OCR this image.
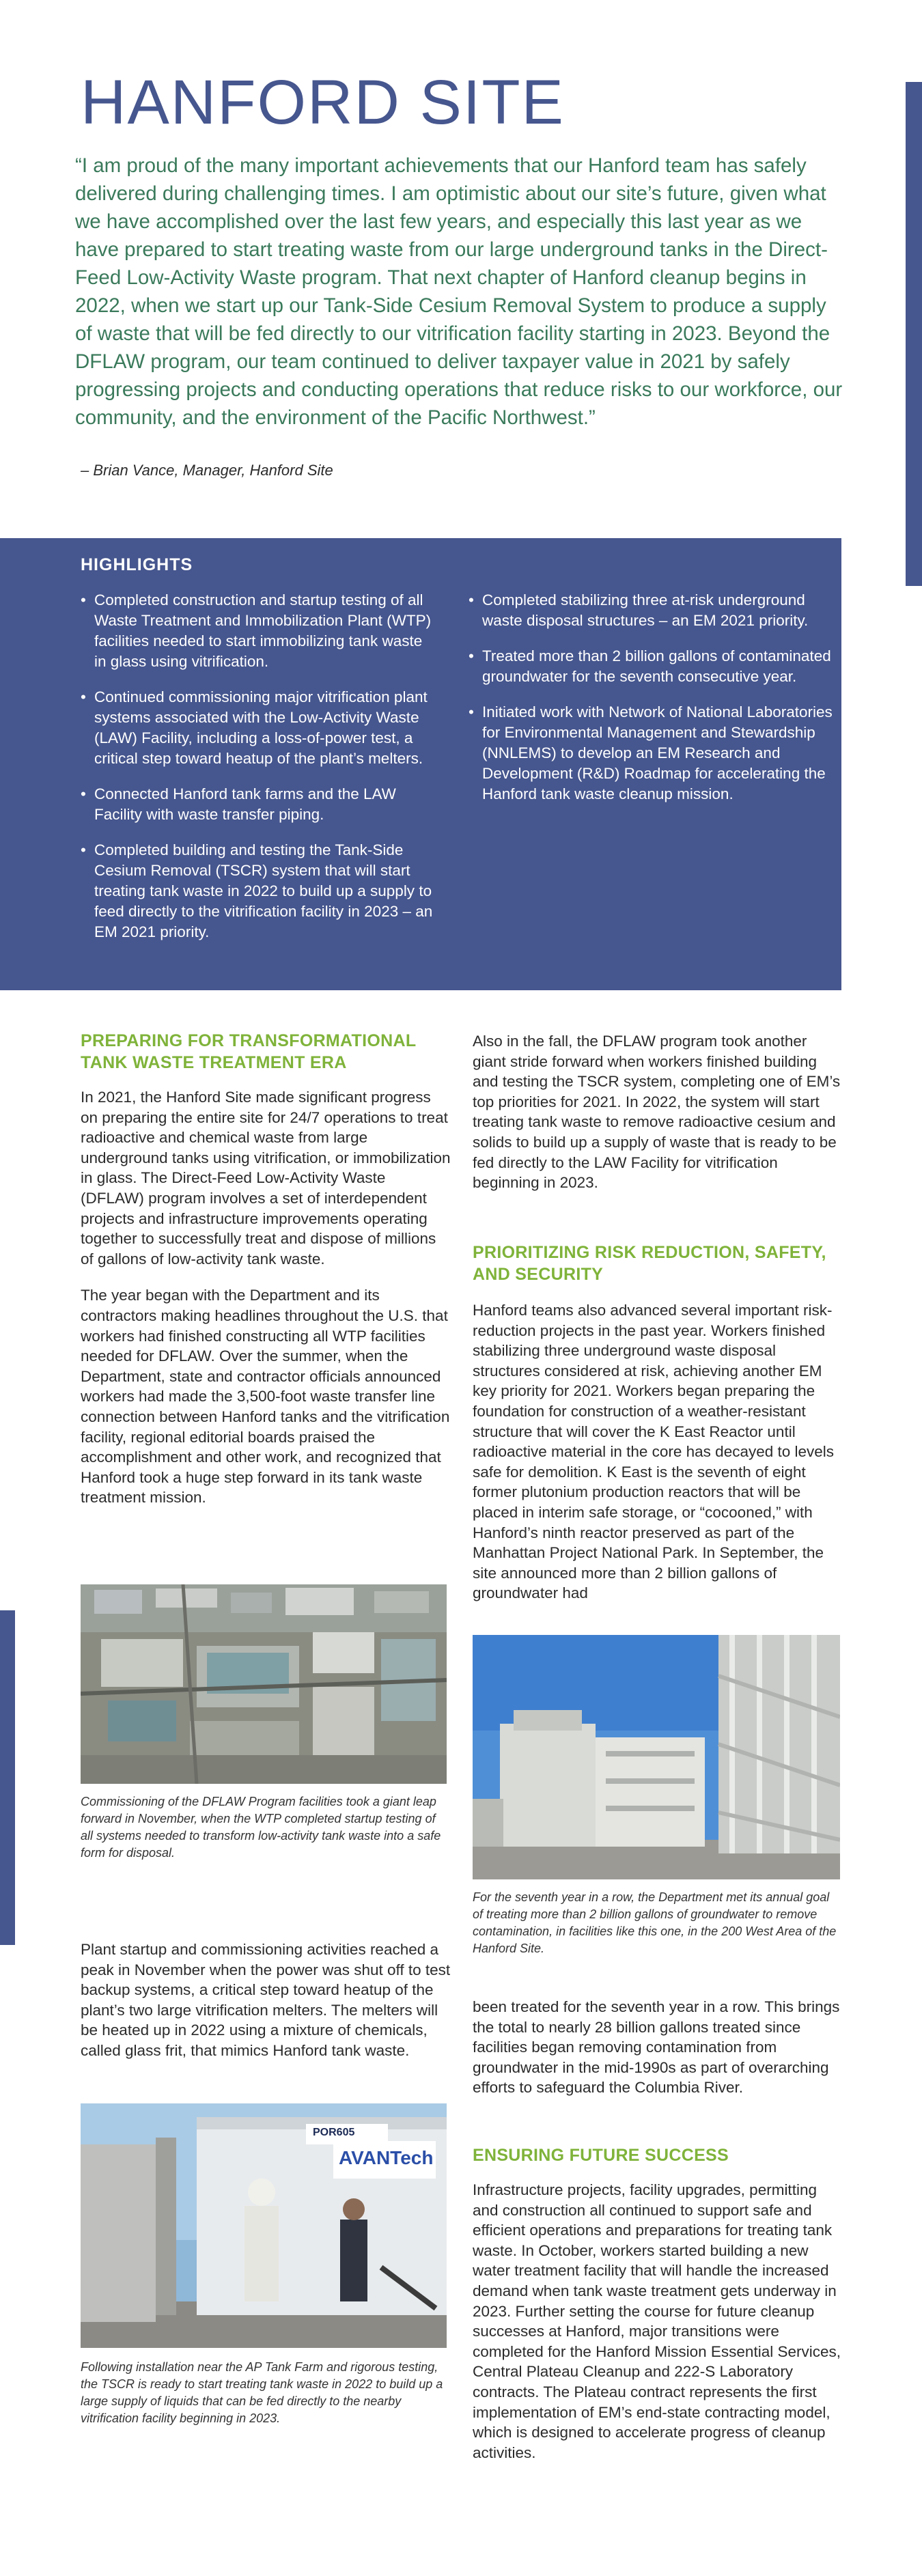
HANFORD SITE

“I am proud of the many important achievements that our Hanford team has safely delivered during challenging times. I am optimistic about our site’s future, given what we have accomplished over the last few years, and especially this last year as we have prepared to start treating waste from our large underground tanks in the Direct-Feed Low-Activity Waste program. That next chapter of Hanford cleanup begins in 2022, when we start up our Tank-Side Cesium Removal System to produce a supply of waste that will be fed directly to our vitrification facility starting in 2023. Beyond the DFLAW program, our team continued to deliver taxpayer value in 2021 by safely progressing projects and conducting operations that reduce risks to our workforce, our community, and the environment of the Pacific Northwest.”

– Brian Vance, Manager, Hanford Site

HIGHLIGHTS
• Completed construction and startup testing of all Waste Treatment and Immobilization Plant (WTP) facilities needed to start immobilizing tank waste in glass using vitrification.
• Continued commissioning major vitrification plant systems associated with the Low-Activity Waste (LAW) Facility, including a loss-of-power test, a critical step toward heatup of the plant’s melters.
• Connected Hanford tank farms and the LAW Facility with waste transfer piping.
• Completed building and testing the Tank-Side Cesium Removal (TSCR) system that will start treating tank waste in 2022 to build up a supply to feed directly to the vitrification facility in 2023 – an EM 2021 priority.
• Completed stabilizing three at-risk underground waste disposal structures – an EM 2021 priority.
• Treated more than 2 billion gallons of contaminated groundwater for the seventh consecutive year.
• Initiated work with Network of National Laboratories for Environmental Management and Stewardship (NNLEMS) to develop an EM Research and Development (R&D) Roadmap for accelerating the Hanford tank waste cleanup mission.
PREPARING FOR TRANSFORMATIONAL TANK WASTE TREATMENT ERA

In 2021, the Hanford Site made significant progress on preparing the entire site for 24/7 operations to treat radioactive and chemical waste from large underground tanks using vitrification, or immobilization in glass. The Direct-Feed Low-Activity Waste (DFLAW) program involves a set of interdependent projects and infrastructure improvements operating together to successfully treat and dispose of millions of gallons of low-activity tank waste.

The year began with the Department and its contractors making headlines throughout the U.S. that workers had finished constructing all WTP facilities needed for DFLAW. Over the summer, when the Department, state and contractor officials announced workers had made the 3,500-foot waste transfer line connection between Hanford tanks and the vitrification facility, regional editorial boards praised the accomplishment and other work, and recognized that Hanford took a huge step forward in its tank waste treatment mission.

Commissioning of the DFLAW Program facilities took a giant leap forward in November, when the WTP completed startup testing of all systems needed to transform low-activity tank waste into a safe form for disposal.

Plant startup and commissioning activities reached a peak in November when the power was shut off to test backup systems, a critical step toward heatup of the plant’s two large vitrification melters. The melters will be heated up in 2022 using a mixture of chemicals, called glass frit, that mimics Hanford tank waste.

POR605
AVANTech

Following installation near the AP Tank Farm and rigorous testing, the TSCR is ready to start treating tank waste in 2022 to build up a large supply of liquids that can be fed directly to the nearby vitrification facility beginning in 2023.

Also in the fall, the DFLAW program took another giant stride forward when workers finished building and testing the TSCR system, completing one of EM’s top priorities for 2021. In 2022, the system will start treating tank waste to remove radioactive cesium and solids to build up a supply of waste that is ready to be fed directly to the LAW Facility for vitrification beginning in 2023.

PRIORITIZING RISK REDUCTION, SAFETY, AND SECURITY

Hanford teams also advanced several important risk-reduction projects in the past year. Workers finished stabilizing three underground waste disposal structures considered at risk, achieving another EM key priority for 2021. Workers began preparing the foundation for construction of a weather-resistant structure that will cover the K East Reactor until radioactive material in the core has decayed to levels safe for demolition. K East is the seventh of eight former plutonium production reactors that will be placed in interim safe storage, or “cocooned,” with Hanford’s ninth reactor preserved as part of the Manhattan Project National Park. In September, the site announced more than 2 billion gallons of groundwater had

For the seventh year in a row, the Department met its annual goal of treating more than 2 billion gallons of groundwater to remove contamination, in facilities like this one, in the 200 West Area of the Hanford Site.

been treated for the seventh year in a row. This brings the total to nearly 28 billion gallons treated since facilities began removing contamination from groundwater in the mid-1990s as part of overarching efforts to safeguard the Columbia River.

ENSURING FUTURE SUCCESS

Infrastructure projects, facility upgrades, permitting and construction all continued to support safe and efficient operations and preparations for treating tank waste. In October, workers started building a new water treatment facility that will handle the increased demand when tank waste treatment gets underway in 2023. Further setting the course for future cleanup successes at Hanford, major transitions were completed for the Hanford Mission Essential Services, Central Plateau Cleanup and 222-S Laboratory contracts. The Plateau contract represents the first implementation of EM’s end-state contracting model, which is designed to accelerate progress of cleanup activities.
